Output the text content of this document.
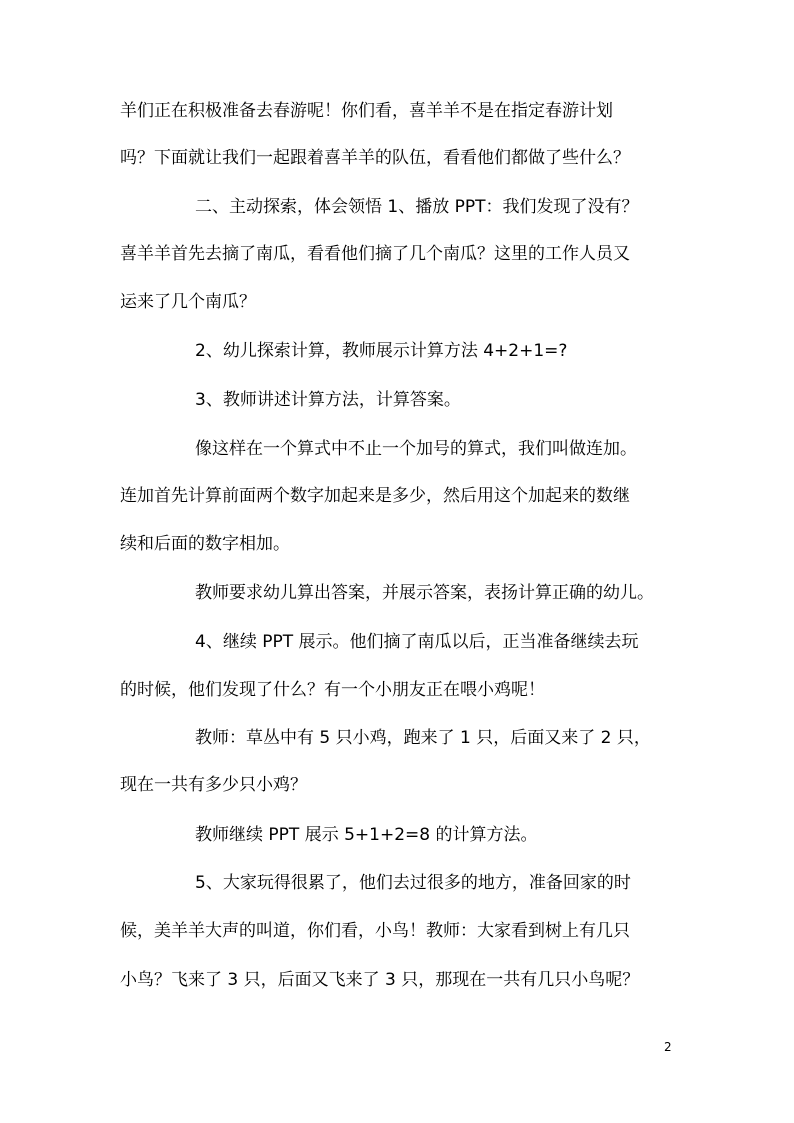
羊们正在积极准备去春游呢！你们看，喜羊羊不是在指定春游计划
吗？下面就让我们一起跟着喜羊羊的队伍，看看他们都做了些什么？
二、主动探索，体会领悟 1、播放 PPT：我们发现了没有？
喜羊羊首先去摘了南瓜，看看他们摘了几个南瓜？这里的工作人员又
运来了几个南瓜？
2、幼儿探索计算，教师展示计算方法 4+2+1=?
3、教师讲述计算方法，计算答案。
像这样在一个算式中不止一个加号的算式，我们叫做连加。
连加首先计算前面两个数字加起来是多少，然后用这个加起来的数继
续和后面的数字相加。
教师要求幼儿算出答案，并展示答案，表扬计算正确的幼儿。
4、继续 PPT 展示。他们摘了南瓜以后，正当准备继续去玩
的时候，他们发现了什么？有一个小朋友正在喂小鸡呢！
教师：草丛中有 5 只小鸡，跑来了 1 只，后面又来了 2 只，
现在一共有多少只小鸡？
教师继续 PPT 展示 5+1+2=8 的计算方法。
5、大家玩得很累了，他们去过很多的地方，准备回家的时
候，美羊羊大声的叫道，你们看，小鸟！教师：大家看到树上有几只
小鸟？飞来了 3 只，后面又飞来了 3 只，那现在一共有几只小鸟呢？
2
